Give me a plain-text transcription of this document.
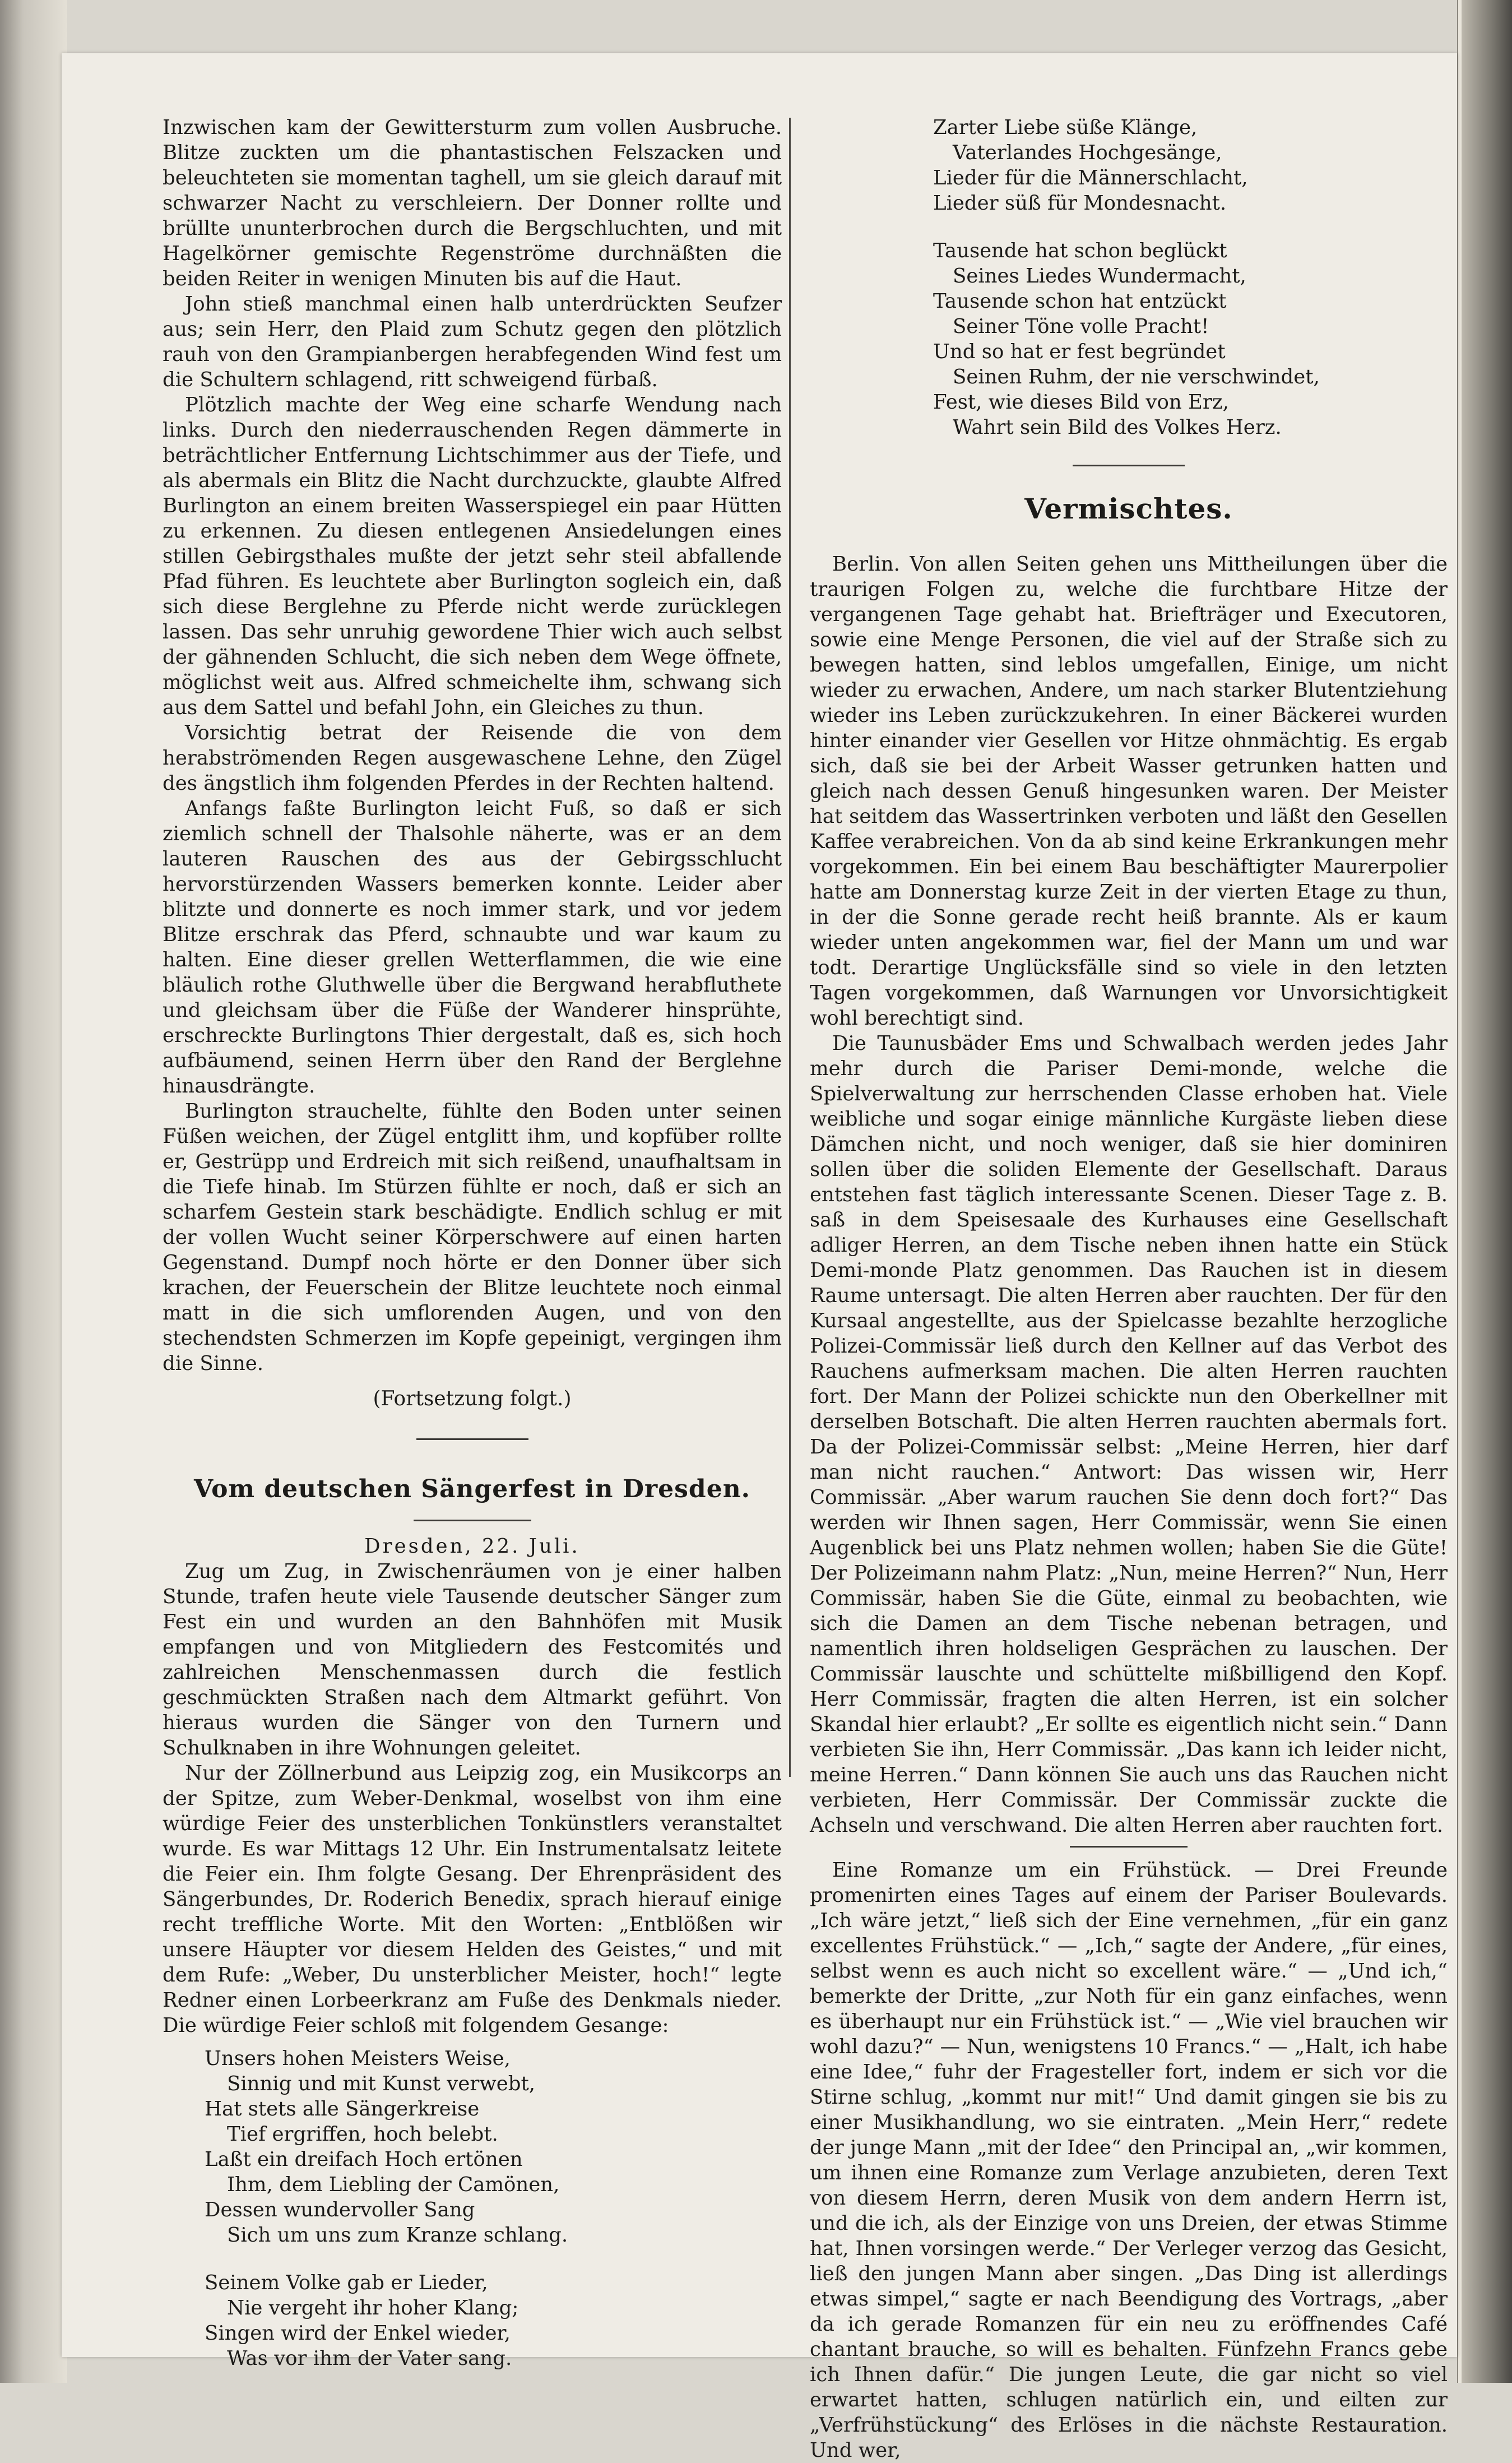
Inzwischen kam der Gewittersturm zum vollen Ausbruche. Blitze zuckten um die phantastischen Felszacken und beleuchteten sie momentan taghell, um sie gleich darauf mit schwarzer Nacht zu verschleiern. Der Donner rollte und brüllte ununterbrochen durch die Bergschluchten, und mit Hagelkörner gemischte Regenströme durchnäßten die beiden Reiter in wenigen Minuten bis auf die Haut.

John stieß manchmal einen halb unterdrückten Seufzer aus; sein Herr, den Plaid zum Schutz gegen den plötzlich rauh von den Grampianbergen herabfegenden Wind fest um die Schultern schlagend, ritt schweigend fürbaß.

Plötzlich machte der Weg eine scharfe Wendung nach links. Durch den niederrauschenden Regen dämmerte in beträchtlicher Entfernung Lichtschimmer aus der Tiefe, und als abermals ein Blitz die Nacht durchzuckte, glaubte Alfred Burlington an einem breiten Wasserspiegel ein paar Hütten zu erkennen. Zu diesen entlegenen Ansiedelungen eines stillen Gebirgsthales mußte der jetzt sehr steil abfallende Pfad führen. Es leuchtete aber Burlington sogleich ein, daß sich diese Berglehne zu Pferde nicht werde zurücklegen lassen. Das sehr unruhig gewordene Thier wich auch selbst der gähnenden Schlucht, die sich neben dem Wege öffnete, möglichst weit aus. Alfred schmeichelte ihm, schwang sich aus dem Sattel und befahl John, ein Gleiches zu thun.

Vorsichtig betrat der Reisende die von dem herabströmenden Regen ausgewaschene Lehne, den Zügel des ängstlich ihm folgenden Pferdes in der Rechten haltend.

Anfangs faßte Burlington leicht Fuß, so daß er sich ziemlich schnell der Thalsohle näherte, was er an dem lauteren Rauschen des aus der Gebirgsschlucht hervorstürzenden Wassers bemerken konnte. Leider aber blitzte und donnerte es noch immer stark, und vor jedem Blitze erschrak das Pferd, schnaubte und war kaum zu halten. Eine dieser grellen Wetterflammen, die wie eine bläulich rothe Gluthwelle über die Bergwand herabfluthete und gleichsam über die Füße der Wanderer hinsprühte, erschreckte Burlingtons Thier dergestalt, daß es, sich hoch aufbäumend, seinen Herrn über den Rand der Berglehne hinausdrängte.

Burlington strauchelte, fühlte den Boden unter seinen Füßen weichen, der Zügel entglitt ihm, und kopfüber rollte er, Gestrüpp und Erdreich mit sich reißend, unaufhaltsam in die Tiefe hinab. Im Stürzen fühlte er noch, daß er sich an scharfem Gestein stark beschädigte. Endlich schlug er mit der vollen Wucht seiner Körperschwere auf einen harten Gegenstand. Dumpf noch hörte er den Donner über sich krachen, der Feuerschein der Blitze leuchtete noch einmal matt in die sich umflorenden Augen, und von den stechendsten Schmerzen im Kopfe gepeinigt, vergingen ihm die Sinne.

(Fortsetzung folgt.)
Vom deutschen Sängerfest in Dresden.
Dresden, 22. Juli.

Zug um Zug, in Zwischenräumen von je einer halben Stunde, trafen heute viele Tausende deutscher Sänger zum Fest ein und wurden an den Bahnhöfen mit Musik empfangen und von Mitgliedern des Festcomités und zahlreichen Menschenmassen durch die festlich geschmückten Straßen nach dem Altmarkt geführt. Von hieraus wurden die Sänger von den Turnern und Schulknaben in ihre Wohnungen geleitet.

Nur der Zöllnerbund aus Leipzig zog, ein Musikcorps an der Spitze, zum Weber-Denkmal, woselbst von ihm eine würdige Feier des unsterblichen Tonkünstlers veranstaltet wurde. Es war Mittags 12 Uhr. Ein Instrumentalsatz leitete die Feier ein. Ihm folgte Gesang. Der Ehrenpräsident des Sängerbundes, Dr. Roderich Benedix, sprach hierauf einige recht treffliche Worte. Mit den Worten: „Entblößen wir unsere Häupter vor diesem Helden des Geistes,“ und mit dem Rufe: „Weber, Du unsterblicher Meister, hoch!“ legte Redner einen Lorbeerkranz am Fuße des Denkmals nieder. Die würdige Feier schloß mit folgendem Gesange:

Unsers hohen Meisters Weise,
Sinnig und mit Kunst verwebt,
Hat stets alle Sängerkreise
Tief ergriffen, hoch belebt.
Laßt ein dreifach Hoch ertönen
Ihm, dem Liebling der Camönen,
Dessen wundervoller Sang
Sich um uns zum Kranze schlang.
Seinem Volke gab er Lieder,
Nie vergeht ihr hoher Klang;
Singen wird der Enkel wieder,
Was vor ihm der Vater sang.
Zarter Liebe süße Klänge,
Vaterlandes Hochgesänge,
Lieder für die Männerschlacht,
Lieder süß für Mondesnacht.
Tausende hat schon beglückt
Seines Liedes Wundermacht,
Tausende schon hat entzückt
Seiner Töne volle Pracht!
Und so hat er fest begründet
Seinen Ruhm, der nie verschwindet,
Fest, wie dieses Bild von Erz,
Wahrt sein Bild des Volkes Herz.
Vermischtes.

Berlin. Von allen Seiten gehen uns Mittheilungen über die traurigen Folgen zu, welche die furchtbare Hitze der vergangenen Tage gehabt hat. Briefträger und Executoren, sowie eine Menge Personen, die viel auf der Straße sich zu bewegen hatten, sind leblos umgefallen, Einige, um nicht wieder zu erwachen, Andere, um nach starker Blutentziehung wieder ins Leben zurückzukehren. In einer Bäckerei wurden hinter einander vier Gesellen vor Hitze ohnmächtig. Es ergab sich, daß sie bei der Arbeit Wasser getrunken hatten und gleich nach dessen Genuß hingesunken waren. Der Meister hat seitdem das Wassertrinken verboten und läßt den Gesellen Kaffee verabreichen. Von da ab sind keine Erkrankungen mehr vorgekommen. Ein bei einem Bau beschäftigter Maurerpolier hatte am Donnerstag kurze Zeit in der vierten Etage zu thun, in der die Sonne gerade recht heiß brannte. Als er kaum wieder unten angekommen war, fiel der Mann um und war todt. Derartige Unglücksfälle sind so viele in den letzten Tagen vorgekommen, daß Warnungen vor Unvorsichtigkeit wohl berechtigt sind.

Die Taunusbäder Ems und Schwalbach werden jedes Jahr mehr durch die Pariser Demi-monde, welche die Spielverwaltung zur herrschenden Classe erhoben hat. Viele weibliche und sogar einige männliche Kurgäste lieben diese Dämchen nicht, und noch weniger, daß sie hier dominiren sollen über die soliden Elemente der Gesellschaft. Daraus entstehen fast täglich interessante Scenen. Dieser Tage z. B. saß in dem Speisesaale des Kurhauses eine Gesellschaft adliger Herren, an dem Tische neben ihnen hatte ein Stück Demi-monde Platz genommen. Das Rauchen ist in diesem Raume untersagt. Die alten Herren aber rauchten. Der für den Kursaal angestellte, aus der Spielcasse bezahlte herzogliche Polizei-Commissär ließ durch den Kellner auf das Verbot des Rauchens aufmerksam machen. Die alten Herren rauchten fort. Der Mann der Polizei schickte nun den Oberkellner mit derselben Botschaft. Die alten Herren rauchten abermals fort. Da der Polizei-Commissär selbst: „Meine Herren, hier darf man nicht rauchen.“ Antwort: Das wissen wir, Herr Commissär. „Aber warum rauchen Sie denn doch fort?“ Das werden wir Ihnen sagen, Herr Commissär, wenn Sie einen Augenblick bei uns Platz nehmen wollen; haben Sie die Güte! Der Polizeimann nahm Platz: „Nun, meine Herren?“ Nun, Herr Commissär, haben Sie die Güte, einmal zu beobachten, wie sich die Damen an dem Tische nebenan betragen, und namentlich ihren holdseligen Gesprächen zu lauschen. Der Commissär lauschte und schüttelte mißbilligend den Kopf. Herr Commissär, fragten die alten Herren, ist ein solcher Skandal hier erlaubt? „Er sollte es eigentlich nicht sein.“ Dann verbieten Sie ihn, Herr Commissär. „Das kann ich leider nicht, meine Herren.“ Dann können Sie auch uns das Rauchen nicht verbieten, Herr Commissär. Der Commissär zuckte die Achseln und verschwand. Die alten Herren aber rauchten fort.

Eine Romanze um ein Frühstück. — Drei Freunde promenirten eines Tages auf einem der Pariser Boulevards. „Ich wäre jetzt,“ ließ sich der Eine vernehmen, „für ein ganz excellentes Frühstück.“ — „Ich,“ sagte der Andere, „für eines, selbst wenn es auch nicht so excellent wäre.“ — „Und ich,“ bemerkte der Dritte, „zur Noth für ein ganz einfaches, wenn es überhaupt nur ein Frühstück ist.“ — „Wie viel brauchen wir wohl dazu?“ — Nun, wenigstens 10 Francs.“ — „Halt, ich habe eine Idee,“ fuhr der Fragesteller fort, indem er sich vor die Stirne schlug, „kommt nur mit!“ Und damit gingen sie bis zu einer Musikhandlung, wo sie eintraten. „Mein Herr,“ redete der junge Mann „mit der Idee“ den Principal an, „wir kommen, um ihnen eine Romanze zum Verlage anzubieten, deren Text von diesem Herrn, deren Musik von dem andern Herrn ist, und die ich, als der Einzige von uns Dreien, der etwas Stimme hat, Ihnen vorsingen werde.“ Der Verleger verzog das Gesicht, ließ den jungen Mann aber singen. „Das Ding ist allerdings etwas simpel,“ sagte er nach Beendigung des Vortrags, „aber da ich gerade Romanzen für ein neu zu eröffnendes Café chantant brauche, so will es behalten. Fünfzehn Francs gebe ich Ihnen dafür.“ Die jungen Leute, die gar nicht so viel erwartet hatten, schlugen natürlich ein, und eilten zur „Verfrühstückung“ des Erlöses in die nächste Restauration. Und wer,
